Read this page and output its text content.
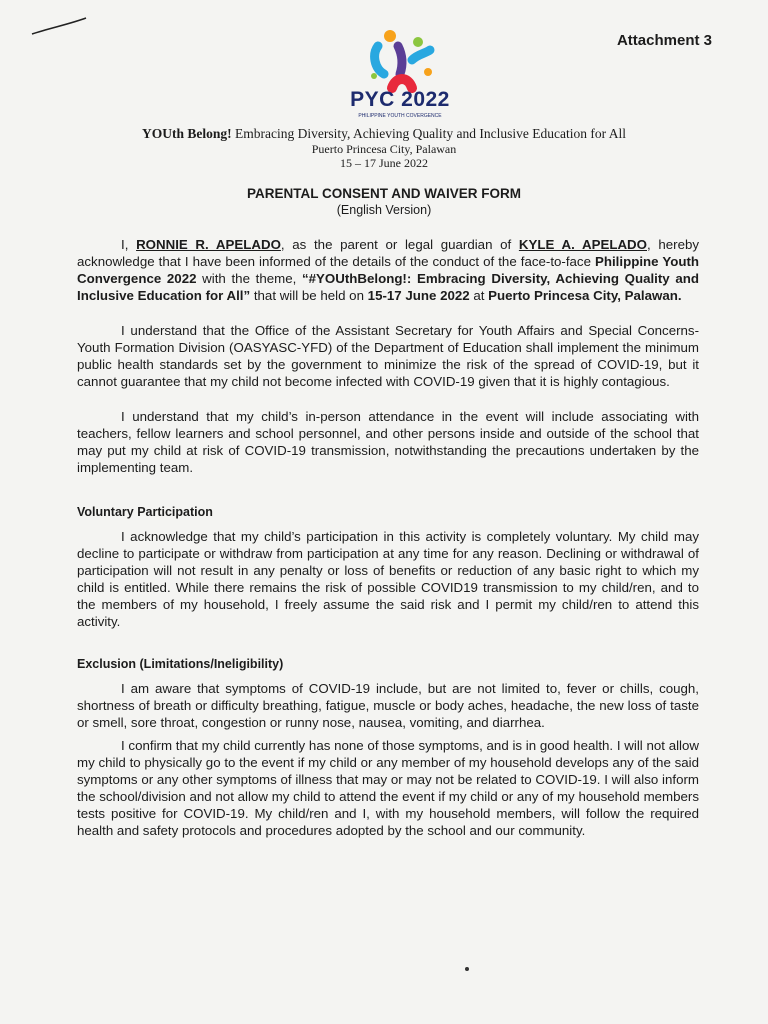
Attachment 3
PYC 2022
PHILIPPINE YOUTH COVERGENCE
YOUth Belong! Embracing Diversity, Achieving Quality and Inclusive Education for All
Puerto Princesa City, Palawan
15 – 17 June 2022
PARENTAL CONSENT AND WAIVER FORM
(English Version)
I, RONNIE R. APELADO, as the parent or legal guardian of KYLE A. APELADO, hereby acknowledge that I have been informed of the details of the conduct of the face-to-face Philippine Youth Convergence 2022 with the theme, “#YOUthBelong!: Embracing Diversity, Achieving Quality and Inclusive Education for All” that will be held on 15-17 June 2022 at Puerto Princesa City, Palawan.
I understand that the Office of the Assistant Secretary for Youth Affairs and Special Concerns- Youth Formation Division (OASYASC-YFD) of the Department of Education shall implement the minimum public health standards set by the government to minimize the risk of the spread of COVID-19, but it cannot guarantee that my child not become infected with COVID-19 given that it is highly contagious.
I understand that my child’s in-person attendance in the event will include associating with teachers, fellow learners and school personnel, and other persons inside and outside of the school that may put my child at risk of COVID-19 transmission, notwithstanding the precautions undertaken by the implementing team.
Voluntary Participation
I acknowledge that my child’s participation in this activity is completely voluntary. My child may decline to participate or withdraw from participation at any time for any reason. Declining or withdrawal of participation will not result in any penalty or loss of benefits or reduction of any basic right to which my child is entitled. While there remains the risk of possible COVID19 transmission to my child/ren, and to the members of my household, I freely assume the said risk and I permit my child/ren to attend this activity.
Exclusion (Limitations/Ineligibility)
I am aware that symptoms of COVID-19 include, but are not limited to, fever or chills, cough, shortness of breath or difficulty breathing, fatigue, muscle or body aches, headache, the new loss of taste or smell, sore throat, congestion or runny nose, nausea, vomiting, and diarrhea.
I confirm that my child currently has none of those symptoms, and is in good health. I will not allow my child to physically go to the event if my child or any member of my household develops any of the said symptoms or any other symptoms of illness that may or may not be related to COVID-19. I will also inform the school/division and not allow my child to attend the event if my child or any of my household members tests positive for COVID-19. My child/ren and I, with my household members, will follow the required health and safety protocols and procedures adopted by the school and our community.
